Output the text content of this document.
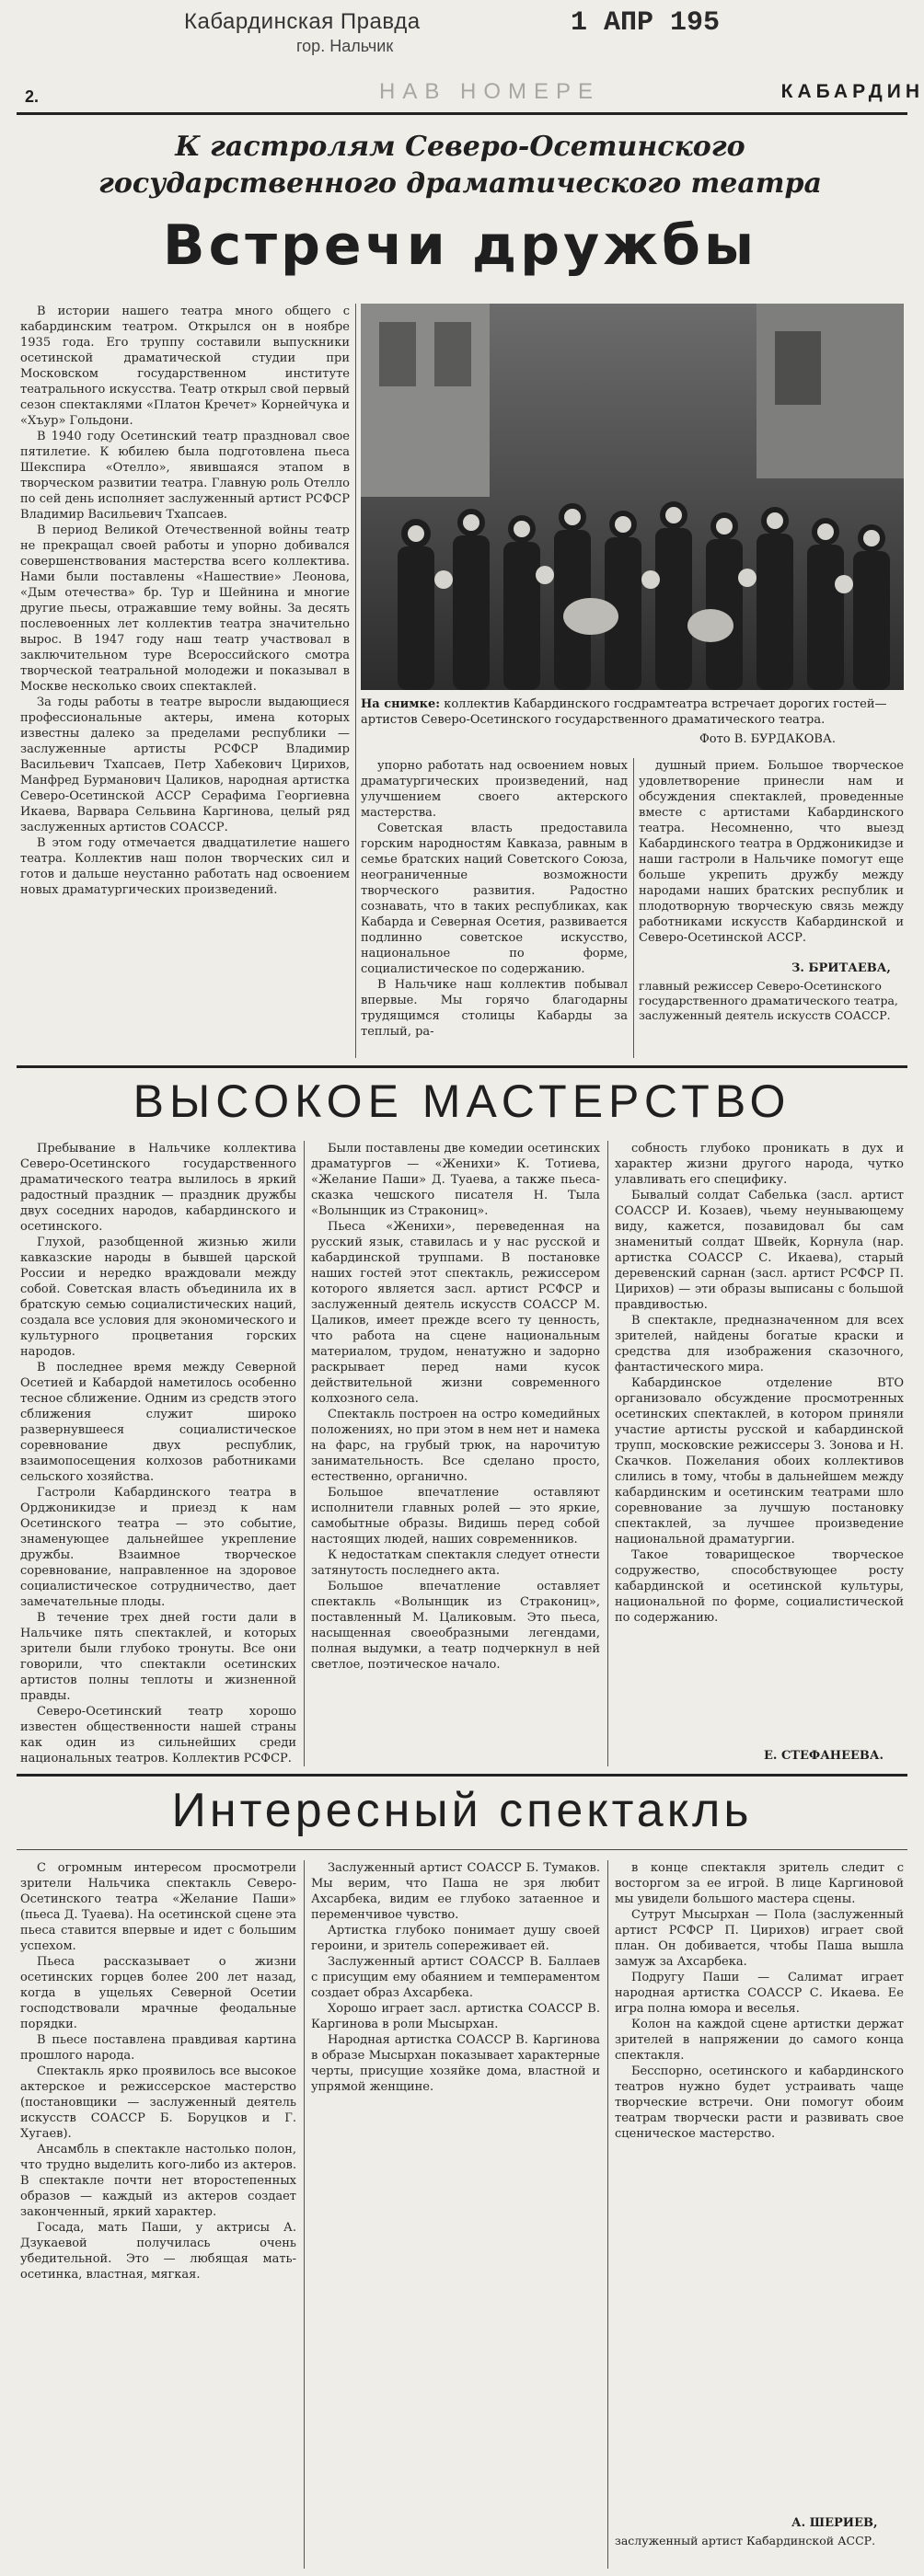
Кабардинская Правда
гор. Нальчик
1 АПР 195
2.	НАВ НОМЕРЕ	КАБАРДИН
К гастролям Северо-Осетинского государственного драматического театра
Встречи дружбы

В истории нашего театра много общего с кабардинским театром. Открылся он в ноябре 1935 года. Его труппу составили выпускники осетинской драматической студии при Московском государственном институте театрального искусства. Театр открыл свой первый сезон спектаклями «Платон Кречет» Корнейчука и «Хъур» Гольдони.

В 1940 году Осетинский театр праздновал свое пятилетие. К юбилею была подготовлена пьеса Шекспира «Отелло», явившаяся этапом в творческом развитии театра. Главную роль Отелло по сей день исполняет заслуженный артист РСФСР Владимир Васильевич Тхапсаев.

В период Великой Отечественной войны театр не прекращал своей работы и упорно добивался совершенствования мастерства всего коллектива. Нами были поставлены «Нашествие» Леонова, «Дым отечества» бр. Тур и Шейнина и многие другие пьесы, отражавшие тему войны. За десять послевоенных лет коллектив театра значительно вырос. В 1947 году наш театр участвовал в заключительном туре Всероссийского смотра творческой театральной молодежи и показывал в Москве несколько своих спектаклей.

За годы работы в театре выросли выдающиеся профессиональные актеры, имена которых известны далеко за пределами республики — заслуженные артисты РСФСР Владимир Васильевич Тхапсаев, Петр Хабекович Цирихов, Манфред Бурманович Цаликов, народная артистка Северо-Осетинской АССР Серафима Георгиевна Икаева, Варвара Сельвина Каргинова, целый ряд заслуженных артистов СОАССР.

В этом году отмечается двадцатилетие нашего театра. Коллектив наш полон творческих сил и готов и дальше неустанно работать над освоением новых драматургических произведений.

На снимке: коллектив Кабардинского госдрамтеатра встречает дорогих гостей— артистов Северо-Осетинского государственного драматического театра.
Фото В. БУРДАКОВА.

упорно работать над освоением новых драматургических произведений, над улучшением своего актерского мастерства.

Советская власть предоставила горским народностям Кавказа, равным в семье братских наций Советского Союза, неограниченные возможности творческого развития. Радостно сознавать, что в таких республиках, как Кабарда и Северная Осетия, развивается подлинно советское искусство, национальное по форме, социалистическое по содержанию.

В Нальчике наш коллектив побывал впервые. Мы горячо благодарны трудящимся столицы Кабарды за теплый, ра-

душный прием. Большое творческое удовлетворение принесли нам и обсуждения спектаклей, проведенные вместе с артистами Кабардинского театра. Несомненно, что выезд Кабардинского театра в Орджоникидзе и наши гастроли в Нальчике помогут еще больше укрепить дружбу между народами наших братских республик и плодотворную творческую связь между работниками искусств Кабардинской и Северо-Осетинской АССР.

З. БРИТАЕВА,
главный режиссер Северо-Осетинского государственного драматического театра, заслуженный деятель искусств СОАССР.
ВЫСОКОЕ МАСТЕРСТВО

Пребывание в Нальчике коллектива Северо-Осетинского государственного драматического театра вылилось в яркий радостный праздник — праздник дружбы двух соседних народов, кабардинского и осетинского.

Глухой, разобщенной жизнью жили кавказские народы в бывшей царской России и нередко враждовали между собой. Советская власть объединила их в братскую семью социалистических наций, создала все условия для экономического и культурного процветания горских народов.

В последнее время между Северной Осетией и Кабардой наметилось особенно тесное сближение. Одним из средств этого сближения служит широко развернувшееся социалистическое соревнование двух республик, взаимопосещения колхозов работниками сельского хозяйства.

Гастроли Кабардинского театра в Орджоникидзе и приезд к нам Осетинского театра — это событие, знаменующее дальнейшее укрепление дружбы. Взаимное творческое соревнование, направленное на здоровое социалистическое сотрудничество, дает замечательные плоды.

В течение трех дней гости дали в Нальчике пять спектаклей, и которых зрители были глубоко тронуты. Все они говорили, что спектакли осетинских артистов полны теплоты и жизненной правды.

Северо-Осетинский театр хорошо известен общественности нашей страны как один из сильнейших среди национальных театров. Коллектив РСФСР.

Были поставлены две комедии осетинских драматургов — «Женихи» К. Тотиева, «Желание Паши» Д. Туаева, а также пьеса-сказка чешского писателя Н. Тыла «Волынщик из Стракониц».

Пьеса «Женихи», переведенная на русский язык, ставилась и у нас русской и кабардинской труппами. В постановке наших гостей этот спектакль, режиссером которого является засл. артист РСФСР и заслуженный деятель искусств СОАССР М. Цаликов, имеет прежде всего ту ценность, что работа на сцене национальным материалом, трудом, ненатужно и задорно раскрывает перед нами кусок действительной жизни современного колхозного села.

Спектакль построен на остро комедийных положениях, но при этом в нем нет и намека на фарс, на грубый трюк, на нарочитую занимательность. Все сделано просто, естественно, органично.

Большое впечатление оставляют исполнители главных ролей — это яркие, самобытные образы. Видишь перед собой настоящих людей, наших современников.

К недостаткам спектакля следует отнести затянутость последнего акта.

Большое впечатление оставляет спектакль «Волынщик из Стракониц», поставленный М. Цаликовым. Это пьеса, насыщенная своеобразными легендами, полная выдумки, а театр подчеркнул в ней светлое, поэтическое начало.

собность глубоко проникать в дух и характер жизни другого народа, чутко улавливать его специфику.

Бывалый солдат Сабелька (засл. артист СОАССР И. Козаев), чьему неунывающему виду, кажется, позавидовал бы сам знаменитый солдат Швейк, Корнула (нар. артистка СОАССР С. Икаева), старый деревенский сарнан (засл. артист РСФСР П. Цирихов) — эти образы выписаны с большой правдивостью.

В спектакле, предназначенном для всех зрителей, найдены богатые краски и средства для изображения сказочного, фантастического мира.

Кабардинское отделение ВТО организовало обсуждение просмотренных осетинских спектаклей, в котором приняли участие артисты русской и кабардинской трупп, московские режиссеры З. Зонова и Н. Скачков. Пожелания обоих коллективов слились в тому, чтобы в дальнейшем между кабардинским и осетинским театрами шло соревнование за лучшую постановку спектаклей, за лучшее произведение национальной драматургии.

Такое товарищеское творческое содружество, способствующее росту кабардинской и осетинской культуры, национальной по форме, социалистической по содержанию.

Е. СТЕФАНЕЕВА.
Интересный спектакль

С огромным интересом просмотрели зрители Нальчика спектакль Северо-Осетинского театра «Желание Паши» (пьеса Д. Туаева). На осетинской сцене эта пьеса ставится впервые и идет с большим успехом.

Пьеса рассказывает о жизни осетинских горцев более 200 лет назад, когда в ущельях Северной Осетии господствовали мрачные феодальные порядки.

В пьесе поставлена правдивая картина прошлого народа.

Спектакль ярко проявилось все высокое актерское и режиссерское мастерство (постановщики — заслуженный деятель искусств СОАССР Б. Боруцков и Г. Хугаев).

Ансамбль в спектакле настолько полон, что трудно выделить кого-либо из актеров. В спектакле почти нет второстепенных образов — каждый из актеров создает законченный, яркий характер.

Госада, мать Паши, у актрисы А. Дзукаевой получилась очень убедительной. Это — любящая мать-осетинка, властная, мягкая.

Заслуженный артист СОАССР Б. Тумаков. Мы верим, что Паша не зря любит Ахсарбека, видим ее глубоко затаенное и переменчивое чувство.

Артистка глубоко понимает душу своей героини, и зритель сопереживает ей.

Заслуженный артист СОАССР В. Баллаев с присущим ему обаянием и темпераментом создает образ Ахсарбека.

Хорошо играет засл. артистка СОАССР В. Каргинова в роли Мысырхан.

Народная артистка СОАССР В. Каргинова в образе Мысырхан показывает характерные черты, присущие хозяйке дома, властной и упрямой женщине.

в конце спектакля зритель следит с восторгом за ее игрой. В лице Каргиновой мы увидели большого мастера сцены.

Сутрут Мысырхан — Пола (заслуженный артист РСФСР П. Цирихов) играет свой план. Он добивается, чтобы Паша вышла замуж за Ахсарбека.

Подругу Паши — Салимат играет народная артистка СОАССР С. Икаева. Ее игра полна юмора и веселья.

Колон на каждой сцене артистки держат зрителей в напряжении до самого конца спектакля.

Бесспорно, осетинского и кабардинского театров нужно будет устраивать чаще творческие встречи. Они помогут обоим театрам творчески расти и развивать свое сценическое мастерство.

А. ШЕРИЕВ,
заслуженный артист Кабардинской АССР.
